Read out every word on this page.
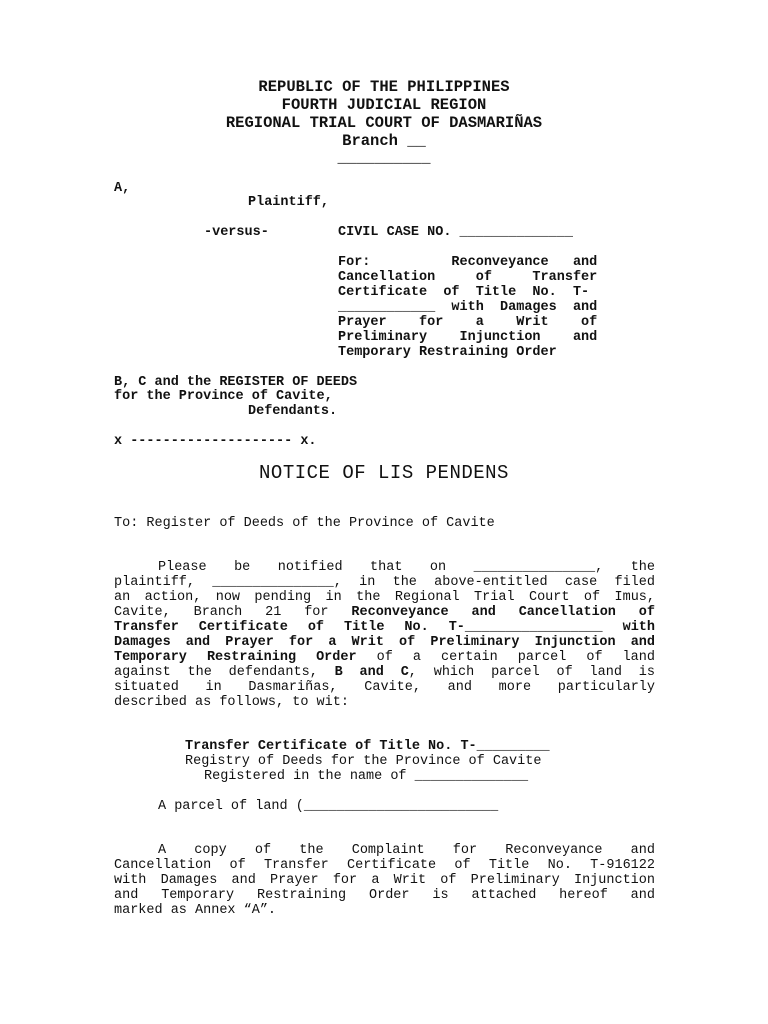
REPUBLIC OF THE PHILIPPINES
FOURTH JUDICIAL REGION
REGIONAL TRIAL COURT OF DASMARIÑAS
Branch __
__________
A,
Plaintiff,
-versus-	CIVIL CASE NO. ______________
For:          Reconveyance   and
Cancellation     of     Transfer
Certificate  of  Title  No.  T-
____________  with  Damages  and
Prayer    for    a    Writ    of
Preliminary    Injunction    and
Temporary Restraining Order
B, C and the REGISTER OF DEEDS
for the Province of Cavite,
Defendants.
x -------------------- x.
NOTICE OF LIS PENDENS
To: Register of Deeds of the Province of Cavite
Please be notified that on _______________, the
plaintiff, _______________, in the above-entitled case filed
an action, now pending in the Regional Trial Court of Imus,
Cavite, Branch 21 for Reconveyance and Cancellation of
Transfer Certificate of Title No. T-_________________ with
Damages and Prayer for a Writ of Preliminary Injunction and
Temporary Restraining Order of a certain parcel of land
against the defendants, B and C, which parcel of land is
situated in Dasmariñas, Cavite, and more particularly
described as follows, to wit:
Transfer Certificate of Title No. T-_________
Registry of Deeds for the Province of Cavite
Registered in the name of ______________
A parcel of land (________________________
A copy of the Complaint for Reconveyance and
Cancellation of Transfer Certificate of Title No. T-916122
with Damages and Prayer for a Writ of Preliminary Injunction
and Temporary Restraining Order is attached hereof and
marked as Annex “A”.
